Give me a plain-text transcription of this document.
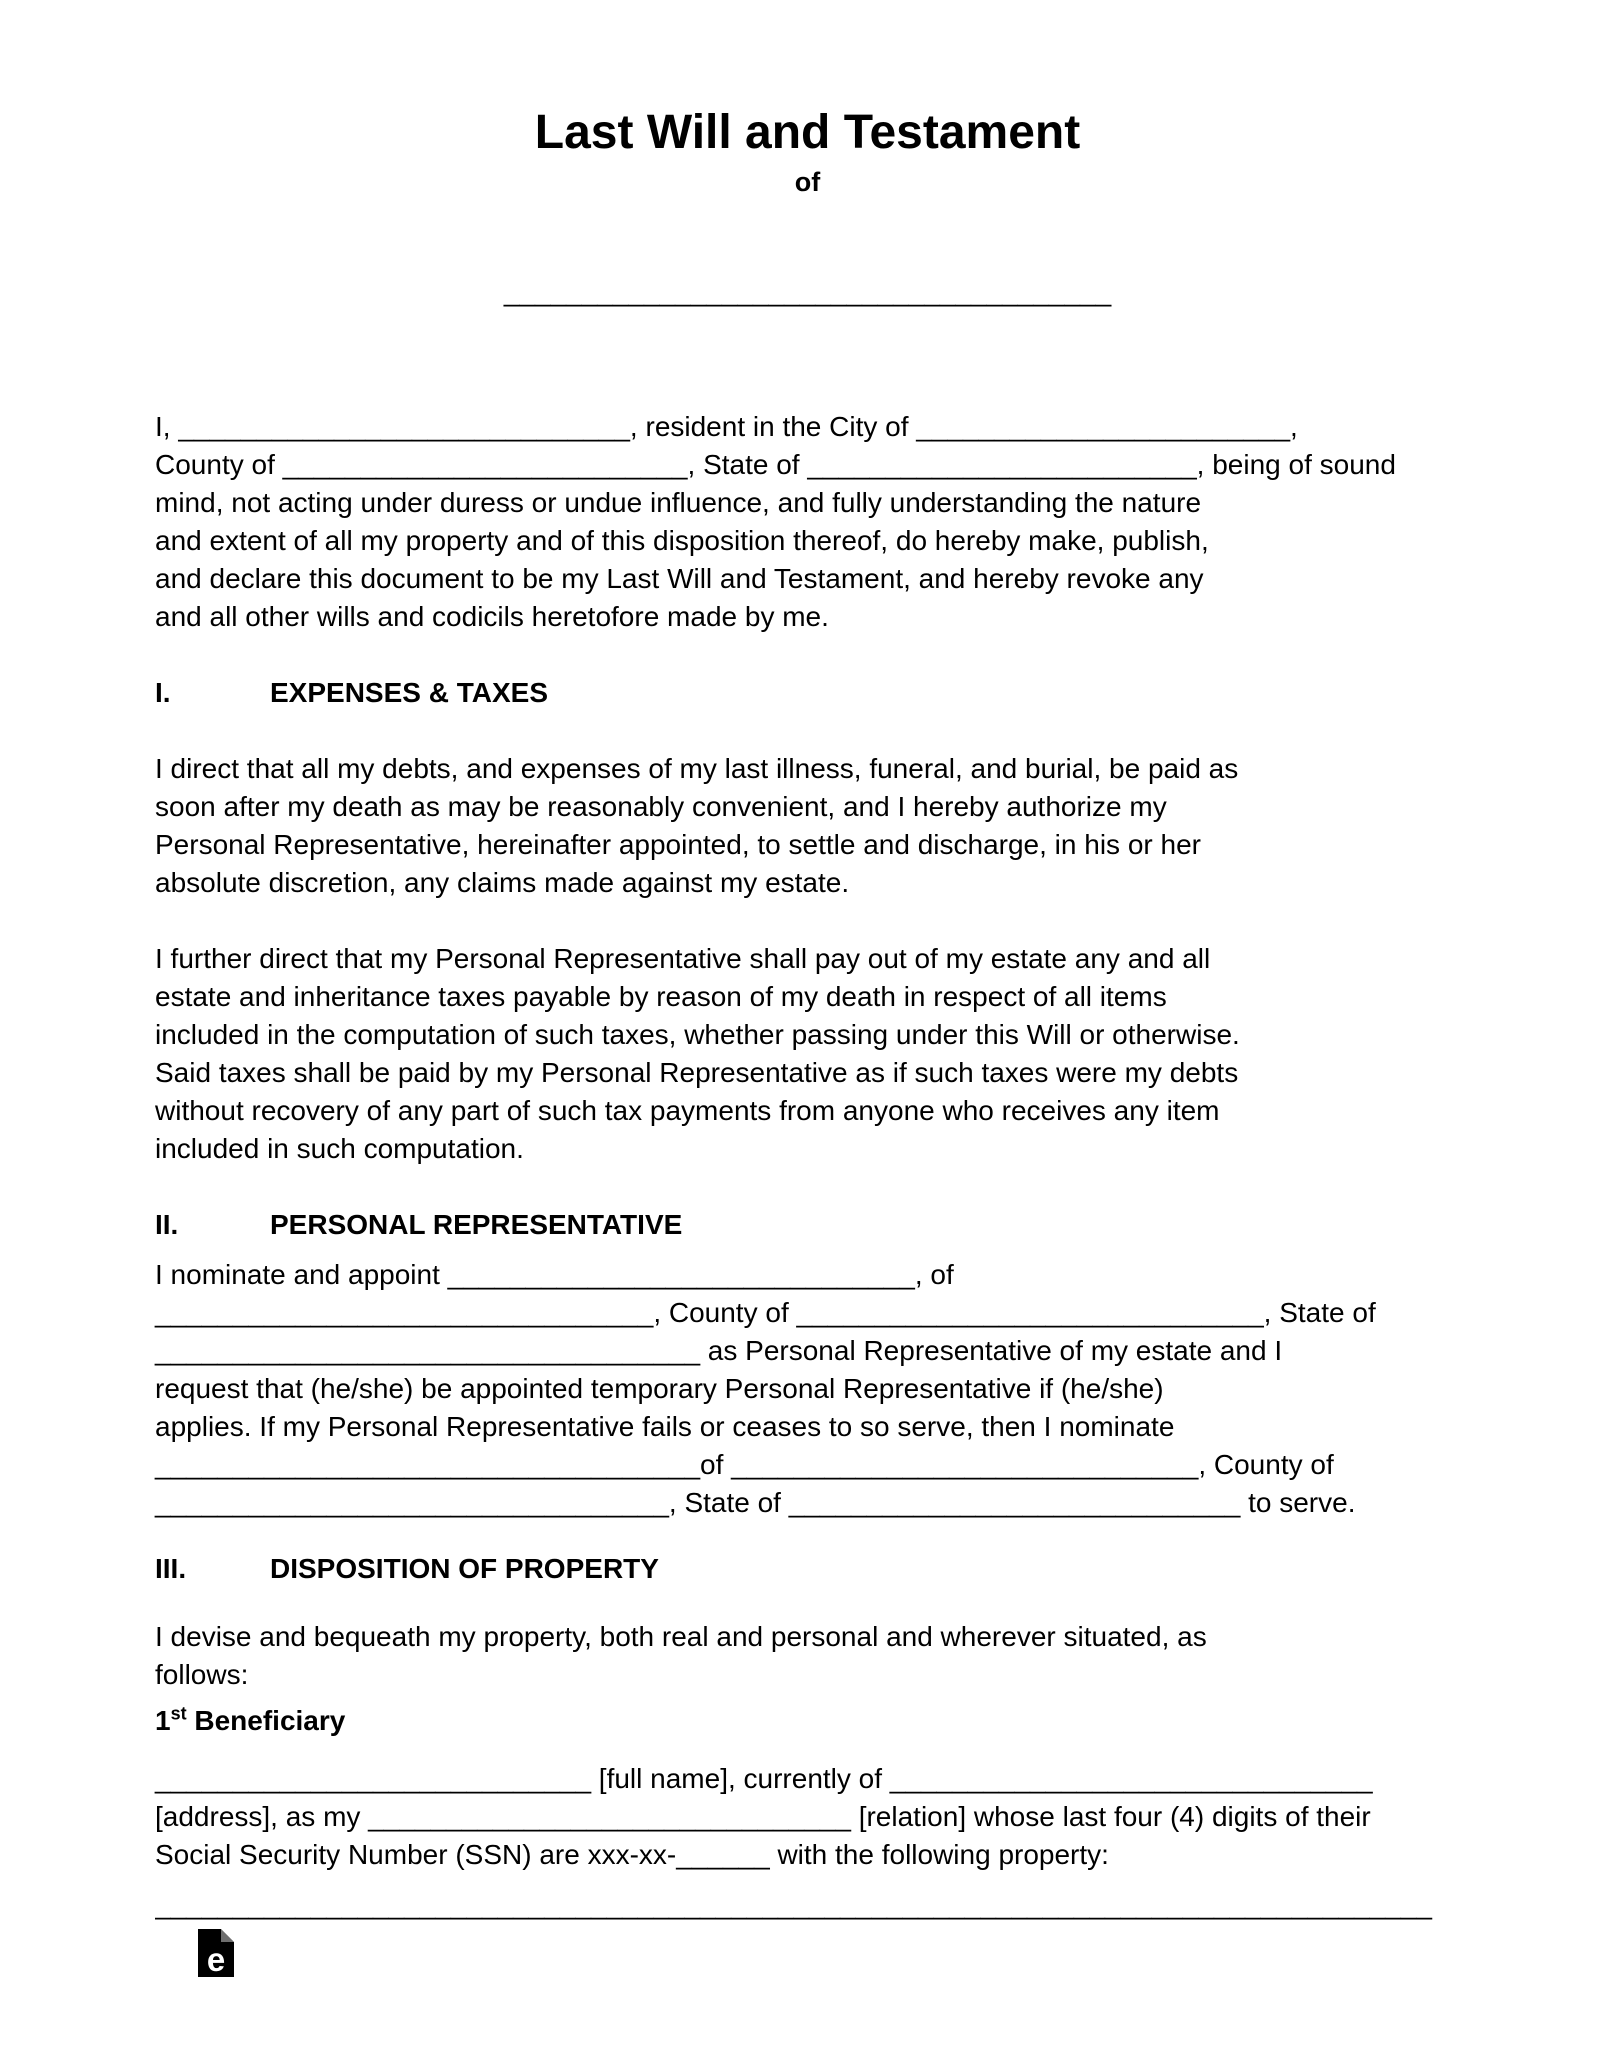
Last Will and Testament
of
_______________________________________
I, _____________________________, resident in the City of ________________________,
County of __________________________, State of _________________________, being of sound
mind, not acting under duress or undue influence, and fully understanding the nature
and extent of all my property and of this disposition thereof, do hereby make, publish,
and declare this document to be my Last Will and Testament, and hereby revoke any
and all other wills and codicils heretofore made by me.
I.	EXPENSES & TAXES
I direct that all my debts, and expenses of my last illness, funeral, and burial, be paid as
soon after my death as may be reasonably convenient, and I hereby authorize my
Personal Representative, hereinafter appointed, to settle and discharge, in his or her
absolute discretion, any claims made against my estate.
I further direct that my Personal Representative shall pay out of my estate any and all
estate and inheritance taxes payable by reason of my death in respect of all items
included in the computation of such taxes, whether passing under this Will or otherwise.
Said taxes shall be paid by my Personal Representative as if such taxes were my debts
without recovery of any part of such tax payments from anyone who receives any item
included in such computation.
II.	PERSONAL REPRESENTATIVE
I nominate and appoint ______________________________, of
________________________________, County of ______________________________, State of
___________________________________ as Personal Representative of my estate and I
request that (he/she) be appointed temporary Personal Representative if (he/she)
applies. If my Personal Representative fails or ceases to so serve, then I nominate
___________________________________of ______________________________, County of
_________________________________, State of _____________________________ to serve.
III.	DISPOSITION OF PROPERTY
I devise and bequeath my property, both real and personal and wherever situated, as
follows:
1st Beneficiary
____________________________ [full name], currently of _______________________________
[address], as my _______________________________ [relation] whose last four (4) digits of their
Social Security Number (SSN) are xxx-xx-______ with the following property:
__________________________________________________________________________________
e
